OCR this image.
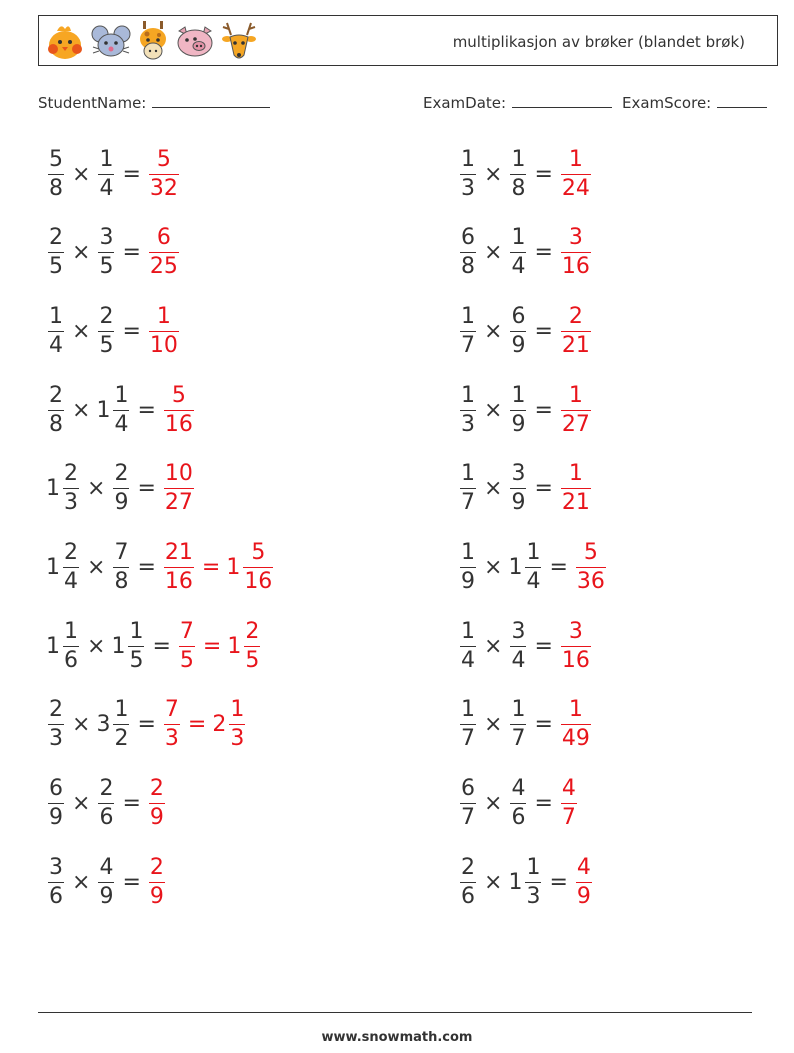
multiplikasjon av brøker (blandet brøk)
StudentName:	ExamDate:	ExamScore:
$\frac{5}{8} \times \frac{1}{4} = \frac{5}{32}$	$\frac{1}{3} \times \frac{1}{8} = \frac{1}{24}$
$\frac{2}{5} \times \frac{3}{5} = \frac{6}{25}$	$\frac{6}{8} \times \frac{1}{4} = \frac{3}{16}$
$\frac{1}{4} \times \frac{2}{5} = \frac{1}{10}$	$\frac{1}{7} \times \frac{6}{9} = \frac{2}{21}$
$\frac{2}{8} \times 1 \frac{1}{4} = \frac{5}{16}$	$\frac{1}{3} \times \frac{1}{9} = \frac{1}{27}$
$1 \frac{2}{3} \times \frac{2}{9} = \frac{10}{27}$	$\frac{1}{7} \times \frac{3}{9} = \frac{1}{21}$
$1 \frac{2}{4} \times \frac{7}{8} = \frac{21}{16} = 1 \frac{5}{16}$	$\frac{1}{9} \times 1 \frac{1}{4} = \frac{5}{36}$
$1 \frac{1}{6} \times 1 \frac{1}{5} = \frac{7}{5} = 1 \frac{2}{5}$	$\frac{1}{4} \times \frac{3}{4} = \frac{3}{16}$
$\frac{2}{3} \times 3 \frac{1}{2} = \frac{7}{3} = 2 \frac{1}{3}$	$\frac{1}{7} \times \frac{1}{7} = \frac{1}{49}$
$\frac{6}{9} \times \frac{2}{6} = \frac{2}{9}$	$\frac{6}{7} \times \frac{4}{6} = \frac{4}{7}$
$\frac{3}{6} \times \frac{4}{9} = \frac{2}{9}$	$\frac{2}{6} \times 1 \frac{1}{3} = \frac{4}{9}$
www.snowmath.com
